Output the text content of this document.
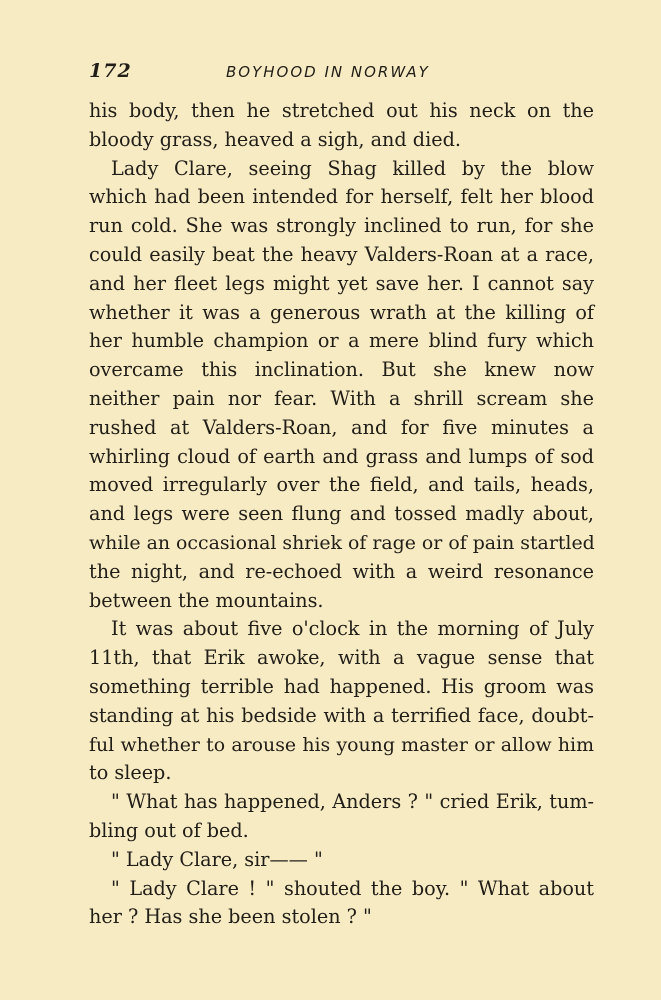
172	BOYHOOD IN NORWAY
his body, then he stretched out his neck on the
bloody grass, heaved a sigh, and died.
Lady Clare, seeing Shag killed by the blow
which had been intended for herself, felt her blood
run cold. She was strongly inclined to run, for she
could easily beat the heavy Valders-Roan at a race,
and her fleet legs might yet save her. I cannot say
whether it was a generous wrath at the killing of
her humble champion or a mere blind fury which
overcame this inclination. But she knew now
neither pain nor fear. With a shrill scream she
rushed at Valders-Roan, and for five minutes a
whirling cloud of earth and grass and lumps of sod
moved irregularly over the field, and tails, heads,
and legs were seen flung and tossed madly about,
while an occasional shriek of rage or of pain startled
the night, and re-echoed with a weird resonance
between the mountains.
It was about five o'clock in the morning of July
11th, that Erik awoke, with a vague sense that
something terrible had happened. His groom was
standing at his bedside with a terrified face, doubt-
ful whether to arouse his young master or allow him
to sleep.
" What has happened, Anders ? " cried Erik, tum-
bling out of bed.
" Lady Clare, sir—— "
" Lady Clare ! " shouted the boy. " What about
her ? Has she been stolen ? "
